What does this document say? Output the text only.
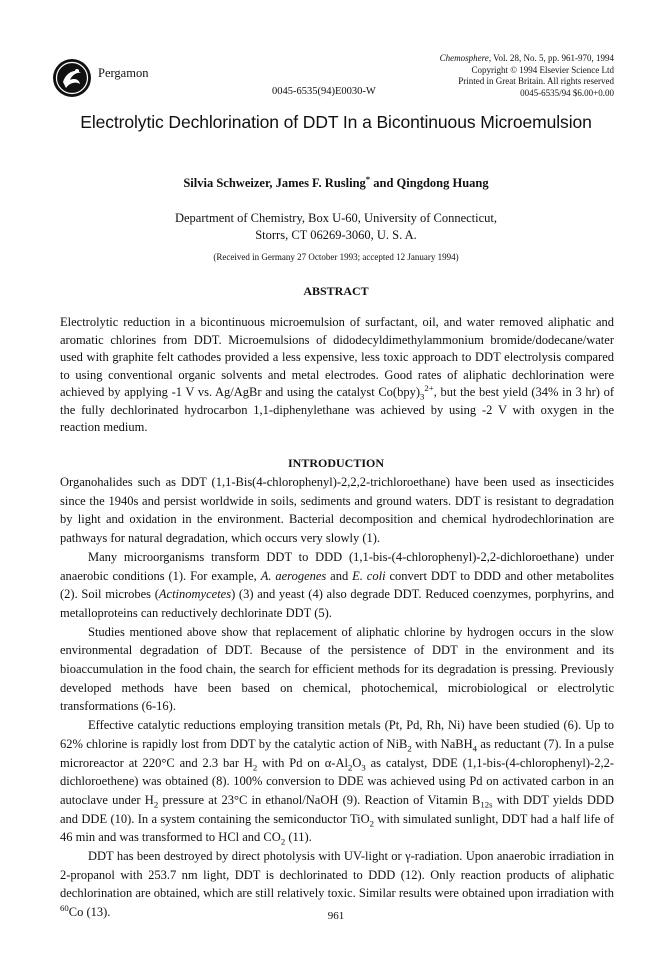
Pergamon
Chemosphere, Vol. 28, No. 5, pp. 961-970, 1994
Copyright © 1994 Elsevier Science Ltd
Printed in Great Britain. All rights reserved
0045-6535/94 $6.00+0.00
0045-6535(94)E0030-W
Electrolytic Dechlorination of DDT In a Bicontinuous Microemulsion
Silvia Schweizer, James F. Rusling* and Qingdong Huang
Department of Chemistry, Box U-60, University of Connecticut,
Storrs, CT 06269-3060, U. S. A.
(Received in Germany 27 October 1993; accepted 12 January 1994)
ABSTRACT

Electrolytic reduction in a bicontinuous microemulsion of surfactant, oil, and water removed aliphatic and aromatic chlorines from DDT. Microemulsions of didodecyldimethylammonium bromide/dodecane/water used with graphite felt cathodes provided a less expensive, less toxic approach to DDT electrolysis compared to using conventional organic solvents and metal electrodes. Good rates of aliphatic dechlorination were achieved by applying -1 V vs. Ag/AgBr and using the catalyst $Co(bpy)_3^{2+}$, but the best yield (34% in 3 hr) of the fully dechlorinated hydrocarbon 1,1-diphenylethane was achieved by using -2 V with oxygen in the reaction medium.

INTRODUCTION

Organohalides such as DDT (1,1-Bis(4-chlorophenyl)-2,2,2-trichloroethane) have been used as insecticides since the 1940s and persist worldwide in soils, sediments and ground waters. DDT is resistant to degradation by light and oxidation in the environment. Bacterial decomposition and chemical hydrodechlorination are pathways for natural degradation, which occurs very slowly (1).

Many microorganisms transform DDT to DDD (1,1-bis-(4-chlorophenyl)-2,2-dichloroethane) under anaerobic conditions (1). For example, A. aerogenes and E. coli convert DDT to DDD and other metabolites (2). Soil microbes (Actinomycetes) (3) and yeast (4) also degrade DDT. Reduced coenzymes, porphyrins, and metalloproteins can reductively dechlorinate DDT (5).

Studies mentioned above show that replacement of aliphatic chlorine by hydrogen occurs in the slow environmental degradation of DDT. Because of the persistence of DDT in the environment and its bioaccumulation in the food chain, the search for efficient methods for its degradation is pressing. Previously developed methods have been based on chemical, photochemical, microbiological or electrolytic transformations (6-16).

Effective catalytic reductions employing transition metals (Pt, Pd, Rh, Ni) have been studied (6). Up to 62% chlorine is rapidly lost from DDT by the catalytic action of NiB$_2$ with NaBH$_4$ as reductant (7). In a pulse microreactor at 220°C and 2.3 bar $H_2$ with Pd on $\alpha-Al_2O_3$ as catalyst, DDE (1,1-bis-(4-chlorophenyl)-2,2-dichloroethene) was obtained (8). 100% conversion to DDE was achieved using Pd on activated carbon in an autoclave under $H_2$ pressure at 23°C in ethanol/NaOH (9). Reaction of Vitamin $B_{12s}$ with DDT yields DDD and DDE (10). In a system containing the semiconductor TiO$_2$ with simulated sunlight, DDT had a half life of 46 min and was transformed to HCl and $CO_2$ (11).

DDT has been destroyed by direct photolysis with UV-light or γ-radiation. Upon anaerobic irradiation in 2-propanol with 253.7 nm light, DDT is dechlorinated to DDD (12). Only reaction products of aliphatic dechlorination are obtained, which are still relatively toxic. Similar results were obtained upon irradiation with $^{60}$Co (13).	961
